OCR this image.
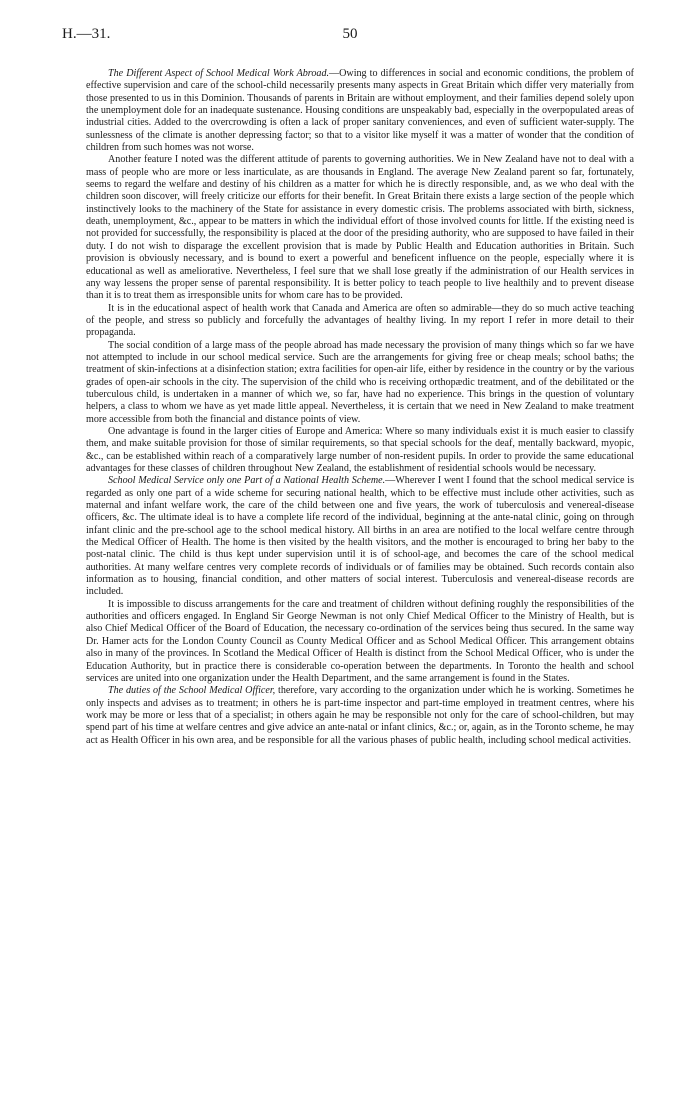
H.—31.	50

The Different Aspect of School Medical Work Abroad.—Owing to differences in social and economic conditions, the problem of effective supervision and care of the school-child necessarily presents many aspects in Great Britain which differ very materially from those presented to us in this Dominion. Thousands of parents in Britain are without employment, and their families depend solely upon the unemployment dole for an inadequate sustenance. Housing conditions are unspeakably bad, especially in the overpopulated areas of industrial cities. Added to the overcrowding is often a lack of proper sanitary conveniences, and even of sufficient water-supply. The sunlessness of the climate is another depressing factor; so that to a visitor like myself it was a matter of wonder that the condition of children from such homes was not worse.

Another feature I noted was the different attitude of parents to governing authorities. We in New Zealand have not to deal with a mass of people who are more or less inarticulate, as are thousands in England. The average New Zealand parent so far, fortunately, seems to regard the welfare and destiny of his children as a matter for which he is directly responsible, and, as we who deal with the children soon discover, will freely criticize our efforts for their benefit. In Great Britain there exists a large section of the people which instinctively looks to the machinery of the State for assistance in every domestic crisis. The problems associated with birth, sickness, death, unemployment, &c., appear to be matters in which the individual effort of those involved counts for little. If the existing need is not provided for successfully, the responsibility is placed at the door of the presiding authority, who are supposed to have failed in their duty. I do not wish to disparage the excellent provision that is made by Public Health and Education authorities in Britain. Such provision is obviously necessary, and is bound to exert a powerful and beneficent influence on the people, especially where it is educational as well as ameliorative. Nevertheless, I feel sure that we shall lose greatly if the administration of our Health services in any way lessens the proper sense of parental responsibility. It is better policy to teach people to live healthily and to prevent disease than it is to treat them as irresponsible units for whom care has to be provided.

It is in the educational aspect of health work that Canada and America are often so admirable—they do so much active teaching of the people, and stress so publicly and forcefully the advantages of healthy living. In my report I refer in more detail to their propaganda.

The social condition of a large mass of the people abroad has made necessary the provision of many things which so far we have not attempted to include in our school medical service. Such are the arrangements for giving free or cheap meals; school baths; the treatment of skin-infections at a disinfection station; extra facilities for open-air life, either by residence in the country or by the various grades of open-air schools in the city. The supervision of the child who is receiving orthopædic treatment, and of the debilitated or the tuberculous child, is undertaken in a manner of which we, so far, have had no experience. This brings in the question of voluntary helpers, a class to whom we have as yet made little appeal. Nevertheless, it is certain that we need in New Zealand to make treatment more accessible from both the financial and distance points of view.

One advantage is found in the larger cities of Europe and America: Where so many individuals exist it is much easier to classify them, and make suitable provision for those of similar requirements, so that special schools for the deaf, mentally backward, myopic, &c., can be established within reach of a comparatively large number of non-resident pupils. In order to provide the same educational advantages for these classes of children throughout New Zealand, the establishment of residential schools would be necessary.

School Medical Service only one Part of a National Health Scheme.—Wherever I went I found that the school medical service is regarded as only one part of a wide scheme for securing national health, which to be effective must include other activities, such as maternal and infant welfare work, the care of the child between one and five years, the work of tuberculosis and venereal-disease officers, &c. The ultimate ideal is to have a complete life record of the individual, beginning at the ante-natal clinic, going on through infant clinic and the pre-school age to the school medical history. All births in an area are notified to the local welfare centre through the Medical Officer of Health. The home is then visited by the health visitors, and the mother is encouraged to bring her baby to the post-natal clinic. The child is thus kept under supervision until it is of school-age, and becomes the care of the school medical authorities. At many welfare centres very complete records of individuals or of families may be obtained. Such records contain also information as to housing, financial condition, and other matters of social interest. Tuberculosis and venereal-disease records are included.

It is impossible to discuss arrangements for the care and treatment of children without defining roughly the responsibilities of the authorities and officers engaged. In England Sir George Newman is not only Chief Medical Officer to the Ministry of Health, but is also Chief Medical Officer of the Board of Education, the necessary co-ordination of the services being thus secured. In the same way Dr. Hamer acts for the London County Council as County Medical Officer and as School Medical Officer. This arrangement obtains also in many of the provinces. In Scotland the Medical Officer of Health is distinct from the School Medical Officer, who is under the Education Authority, but in practice there is considerable co-operation between the departments. In Toronto the health and school services are united into one organization under the Health Department, and the same arrangement is found in the States.

The duties of the School Medical Officer, therefore, vary according to the organization under which he is working. Sometimes he only inspects and advises as to treatment; in others he is part-time inspector and part-time employed in treatment centres, where his work may be more or less that of a specialist; in others again he may be responsible not only for the care of school-children, but may spend part of his time at welfare centres and give advice an ante-natal or infant clinics, &c.; or, again, as in the Toronto scheme, he may act as Health Officer in his own area, and be responsible for all the various phases of public health, including school medical activities.
